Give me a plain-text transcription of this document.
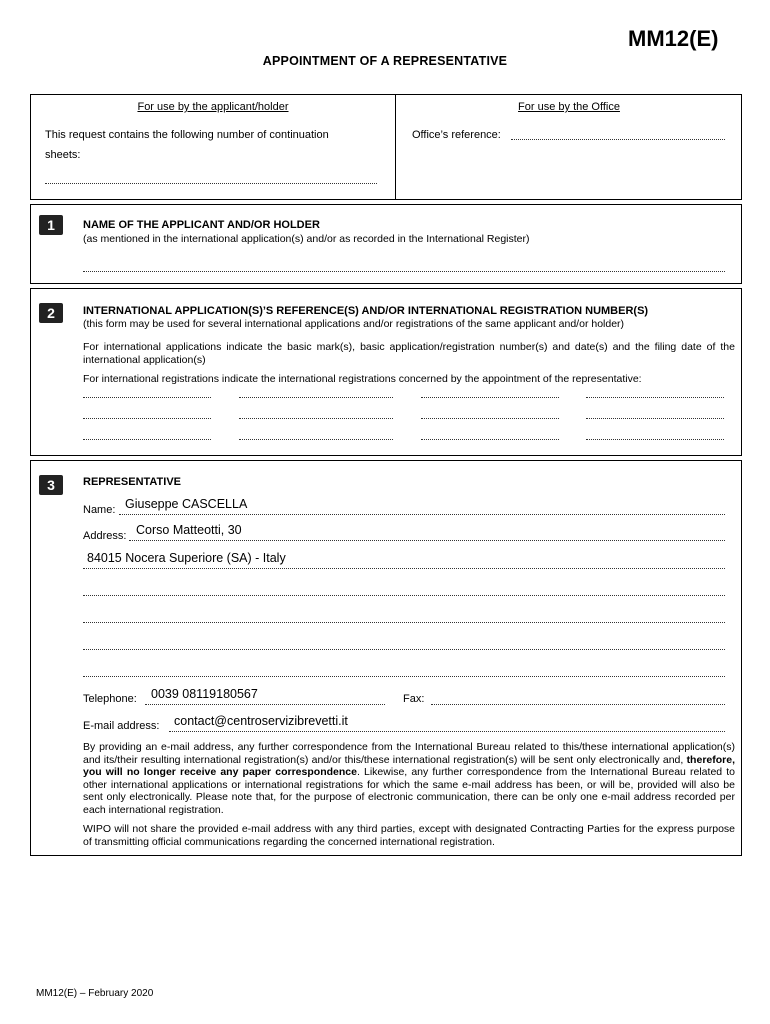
MM12(E)
APPOINTMENT OF A REPRESENTATIVE
For use by the applicant/holder	For use by the Office
This request contains the following number of continuation
sheets:
Office’s reference:
1	NAME OF THE APPLICANT AND/OR HOLDER
(as mentioned in the international application(s) and/or as recorded in the International Register)
2	INTERNATIONAL APPLICATION(S)’S REFERENCE(S) AND/OR INTERNATIONAL REGISTRATION NUMBER(S)
(this form may be used for several international applications and/or registrations of the same applicant and/or holder)
For international applications indicate the basic mark(s), basic application/registration number(s) and date(s) and the filing date of the international application(s)
For international registrations indicate the international registrations concerned by the appointment of the representative:
3	REPRESENTATIVE
Name: Giuseppe CASCELLA
Address: Corso Matteotti, 30
84015 Nocera Superiore (SA) - Italy
Telephone: 0039 08119180567	Fax:
E-mail address: contact@centroservizibrevetti.it
By providing an e-mail address, any further correspondence from the International Bureau related to this/these international application(s) and its/their resulting international registration(s) and/or this/these international registration(s) will be sent only electronically and, therefore, you will no longer receive any paper correspondence. Likewise, any further correspondence from the International Bureau related to other international applications or international registrations for which the same e-mail address has been, or will be, provided will also be sent only electronically. Please note that, for the purpose of electronic communication, there can be only one e-mail address recorded per each international registration.
WIPO will not share the provided e-mail address with any third parties, except with designated Contracting Parties for the express purpose of transmitting official communications regarding the concerned international registration.
MM12(E) – February 2020
